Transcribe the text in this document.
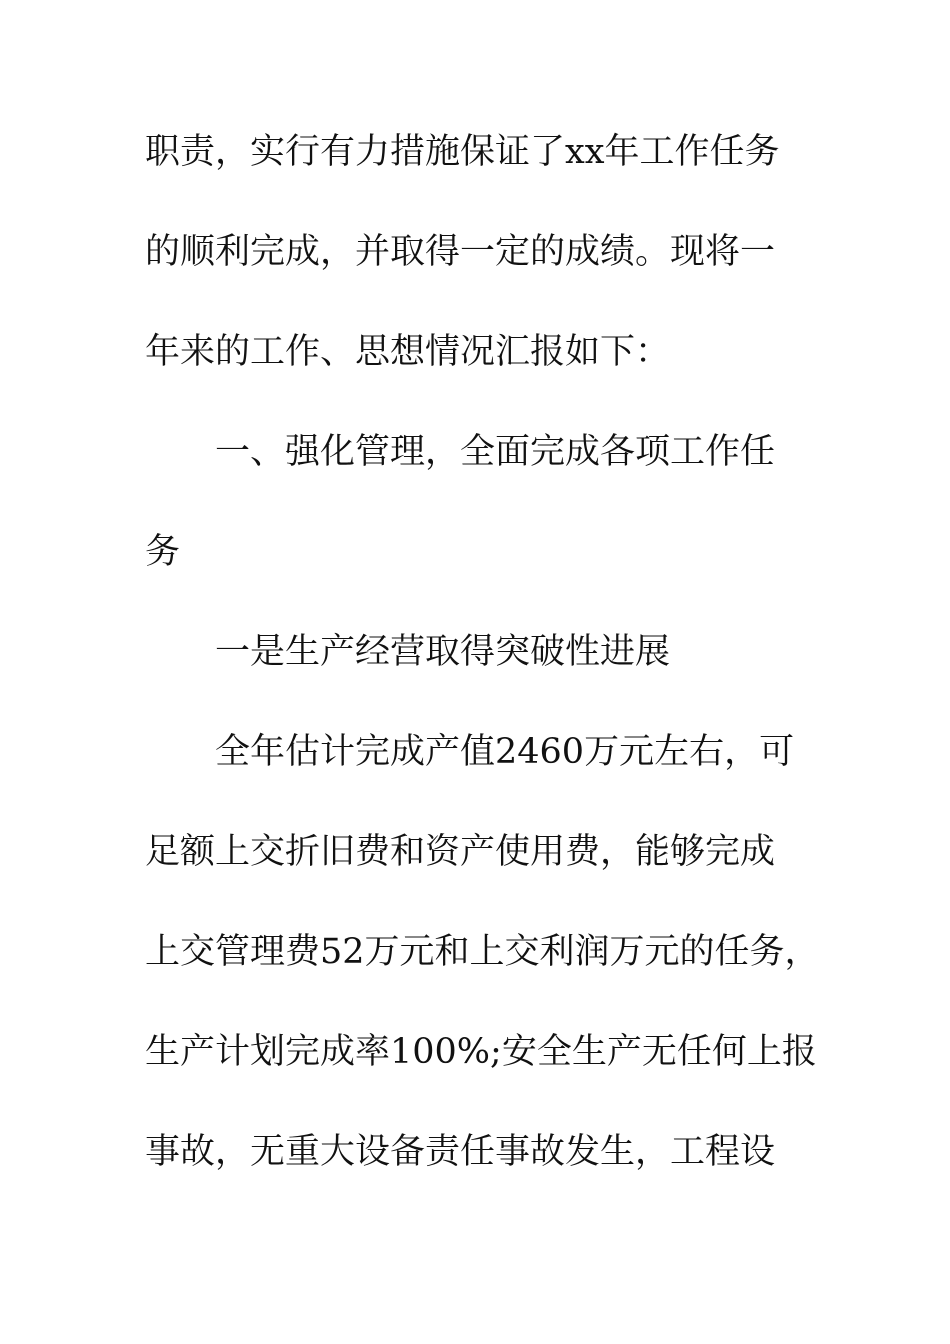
职责，实行有力措施保证了xx年工作任务
的顺利完成，并取得一定的成绩。现将一
年来的工作、思想情况汇报如下：
一、强化管理，全面完成各项工作任
务
一是生产经营取得突破性进展
全年估计完成产值2460万元左右，可
足额上交折旧费和资产使用费，能够完成
上交管理费52万元和上交利润万元的任务，
生产计划完成率100%;安全生产无任何上报
事故，无重大设备责任事故发生，工程设
